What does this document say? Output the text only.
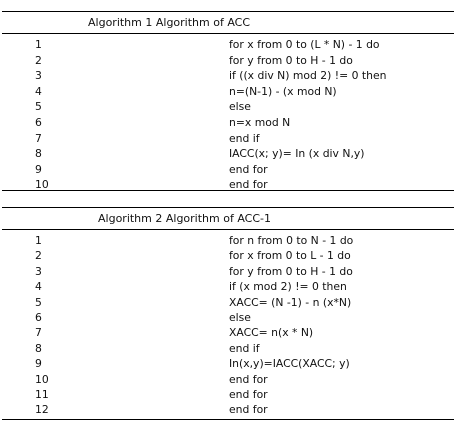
Algorithm 1 Algorithm of ACC
1	for x from 0 to (L * N) - 1 do
2	for y from 0 to H - 1 do
3	if ((x div N) mod 2) != 0 then
4	n=(N-1) - (x mod N)
5	else
6	n=x mod N
7	end if
8	IACC(x; y)= In (x div N,y)
9	end for
10	end for
Algorithm 2 Algorithm of ACC-1
1	for n from 0 to N - 1 do
2	for x from 0 to L - 1 do
3	for y from 0 to H - 1 do
4	if (x mod 2) != 0 then
5	XACC= (N -1) - n (x*N)
6	else
7	XACC= n(x * N)
8	end if
9	In(x,y)=IACC(XACC; y)
10	end for
11	end for
12	end for
